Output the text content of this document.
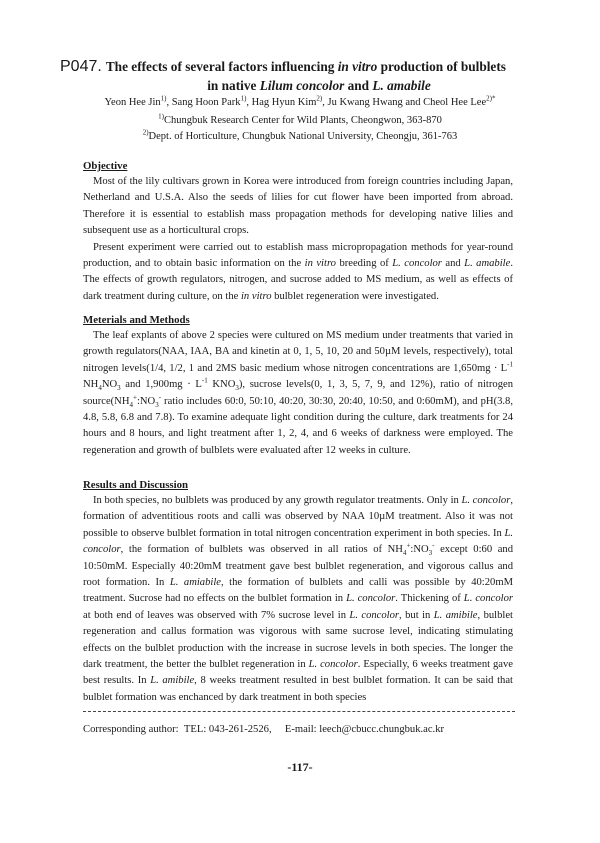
P047. The effects of several factors influencing in vitro production of bulblets
in native Lilum concolor and L. amabile
Yeon Hee Jin$^{1)}$, Sang Hoon Park$^{1)}$, Hag Hyun Kim$^{2)}$, Ju Kwang Hwang and Cheol Hee Lee$^{2)*}$
$^{1)}$Chungbuk Research Center for Wild Plants, Cheongwon, 363-870
$^{2)}$Dept. of Horticulture, Chungbuk National University, Cheongju, 361-763
Objective
Most of the lily cultivars grown in Korea were introduced from foreign countries including Japan, Netherland and U.S.A. Also the seeds of lilies for cut flower have been imported from abroad. Therefore it is essential to establish mass propagation methods for developing native lilies and subsequent use as a horticultural crops.
Present experiment were carried out to establish mass micropropagation methods for year-round production, and to obtain basic information on the in vitro breeding of L. concolor and L. amabile. The effects of growth regulators, nitrogen, and sucrose added to MS medium, as well as effects of dark treatment during culture, on the in vitro bulblet regeneration were investigated.
Meterials and Methods
The leaf explants of above 2 species were cultured on MS medium under treatments that varied in growth regulators(NAA, IAA, BA and kinetin at 0, 1, 5, 10, 20 and 50µM levels, respectively), total nitrogen levels(1/4, 1/2, 1 and 2MS basic medium whose nitrogen concentrations are $1,650mg \cdot L^{-1}$ $NH_4NO_3$ and $1,900mg \cdot L^{-1}$ $KNO_3$), sucrose levels(0, 1, 3, 5, 7, 9, and 12%), ratio of nitrogen $source(NH_4^+:NO_3^-$ ratio includes 60:0, 50:10, 40:20, 30:30, 20:40, 10:50, and 0:60mM), and pH(3.8, 4.8, 5.8, 6.8 and 7.8). To examine adequate light condition during the culture, dark treatments for 24 hours and 8 hours, and light treatment after 1, 2, 4, and 6 weeks of darkness were employed. The regeneration and growth of bulblets were evaluated after 12 weeks in culture.
Results and Discussion
In both species, no bulblets was produced by any growth regulator treatments. Only in L. concolor, formation of adventitious roots and calli was observed by NAA 10µM treatment. Also it was not possible to observe bulblet formation in total nitrogen concentration experiment in both species. In L. concolor, the formation of bulblets was observed in all ratios of $NH_4^+:NO_3^-$ except 0:60 and 10:50mM. Especially 40:20mM treatment gave best bulblet regeneration, and vigorous callus and root formation. In L. amiabile, the formation of bulblets and calli was possible by 40:20mM treatment. Sucrose had no effects on the bulblet formation in L. concolor. Thickening of L. concolor at both end of leaves was observed with 7% sucrose level in L. concolor, but in L. amibile, bulblet regeneration and callus formation was vigorous with same sucrose level, indicating stimulating effects on the bulblet production with the increase in sucrose levels in both species. The longer the dark treatment, the better the bulblet regeneration in L. concolor. Especially, 6 weeks treatment gave best results. In L. amibile, 8 weeks treatment resulted in best bulblet formation. It can be said that bulblet formation was enchanced by dark treatment in both species
Corresponding author: TEL: 043-261-2526, E-mail: leech@cbucc.chungbuk.ac.kr
-117-
